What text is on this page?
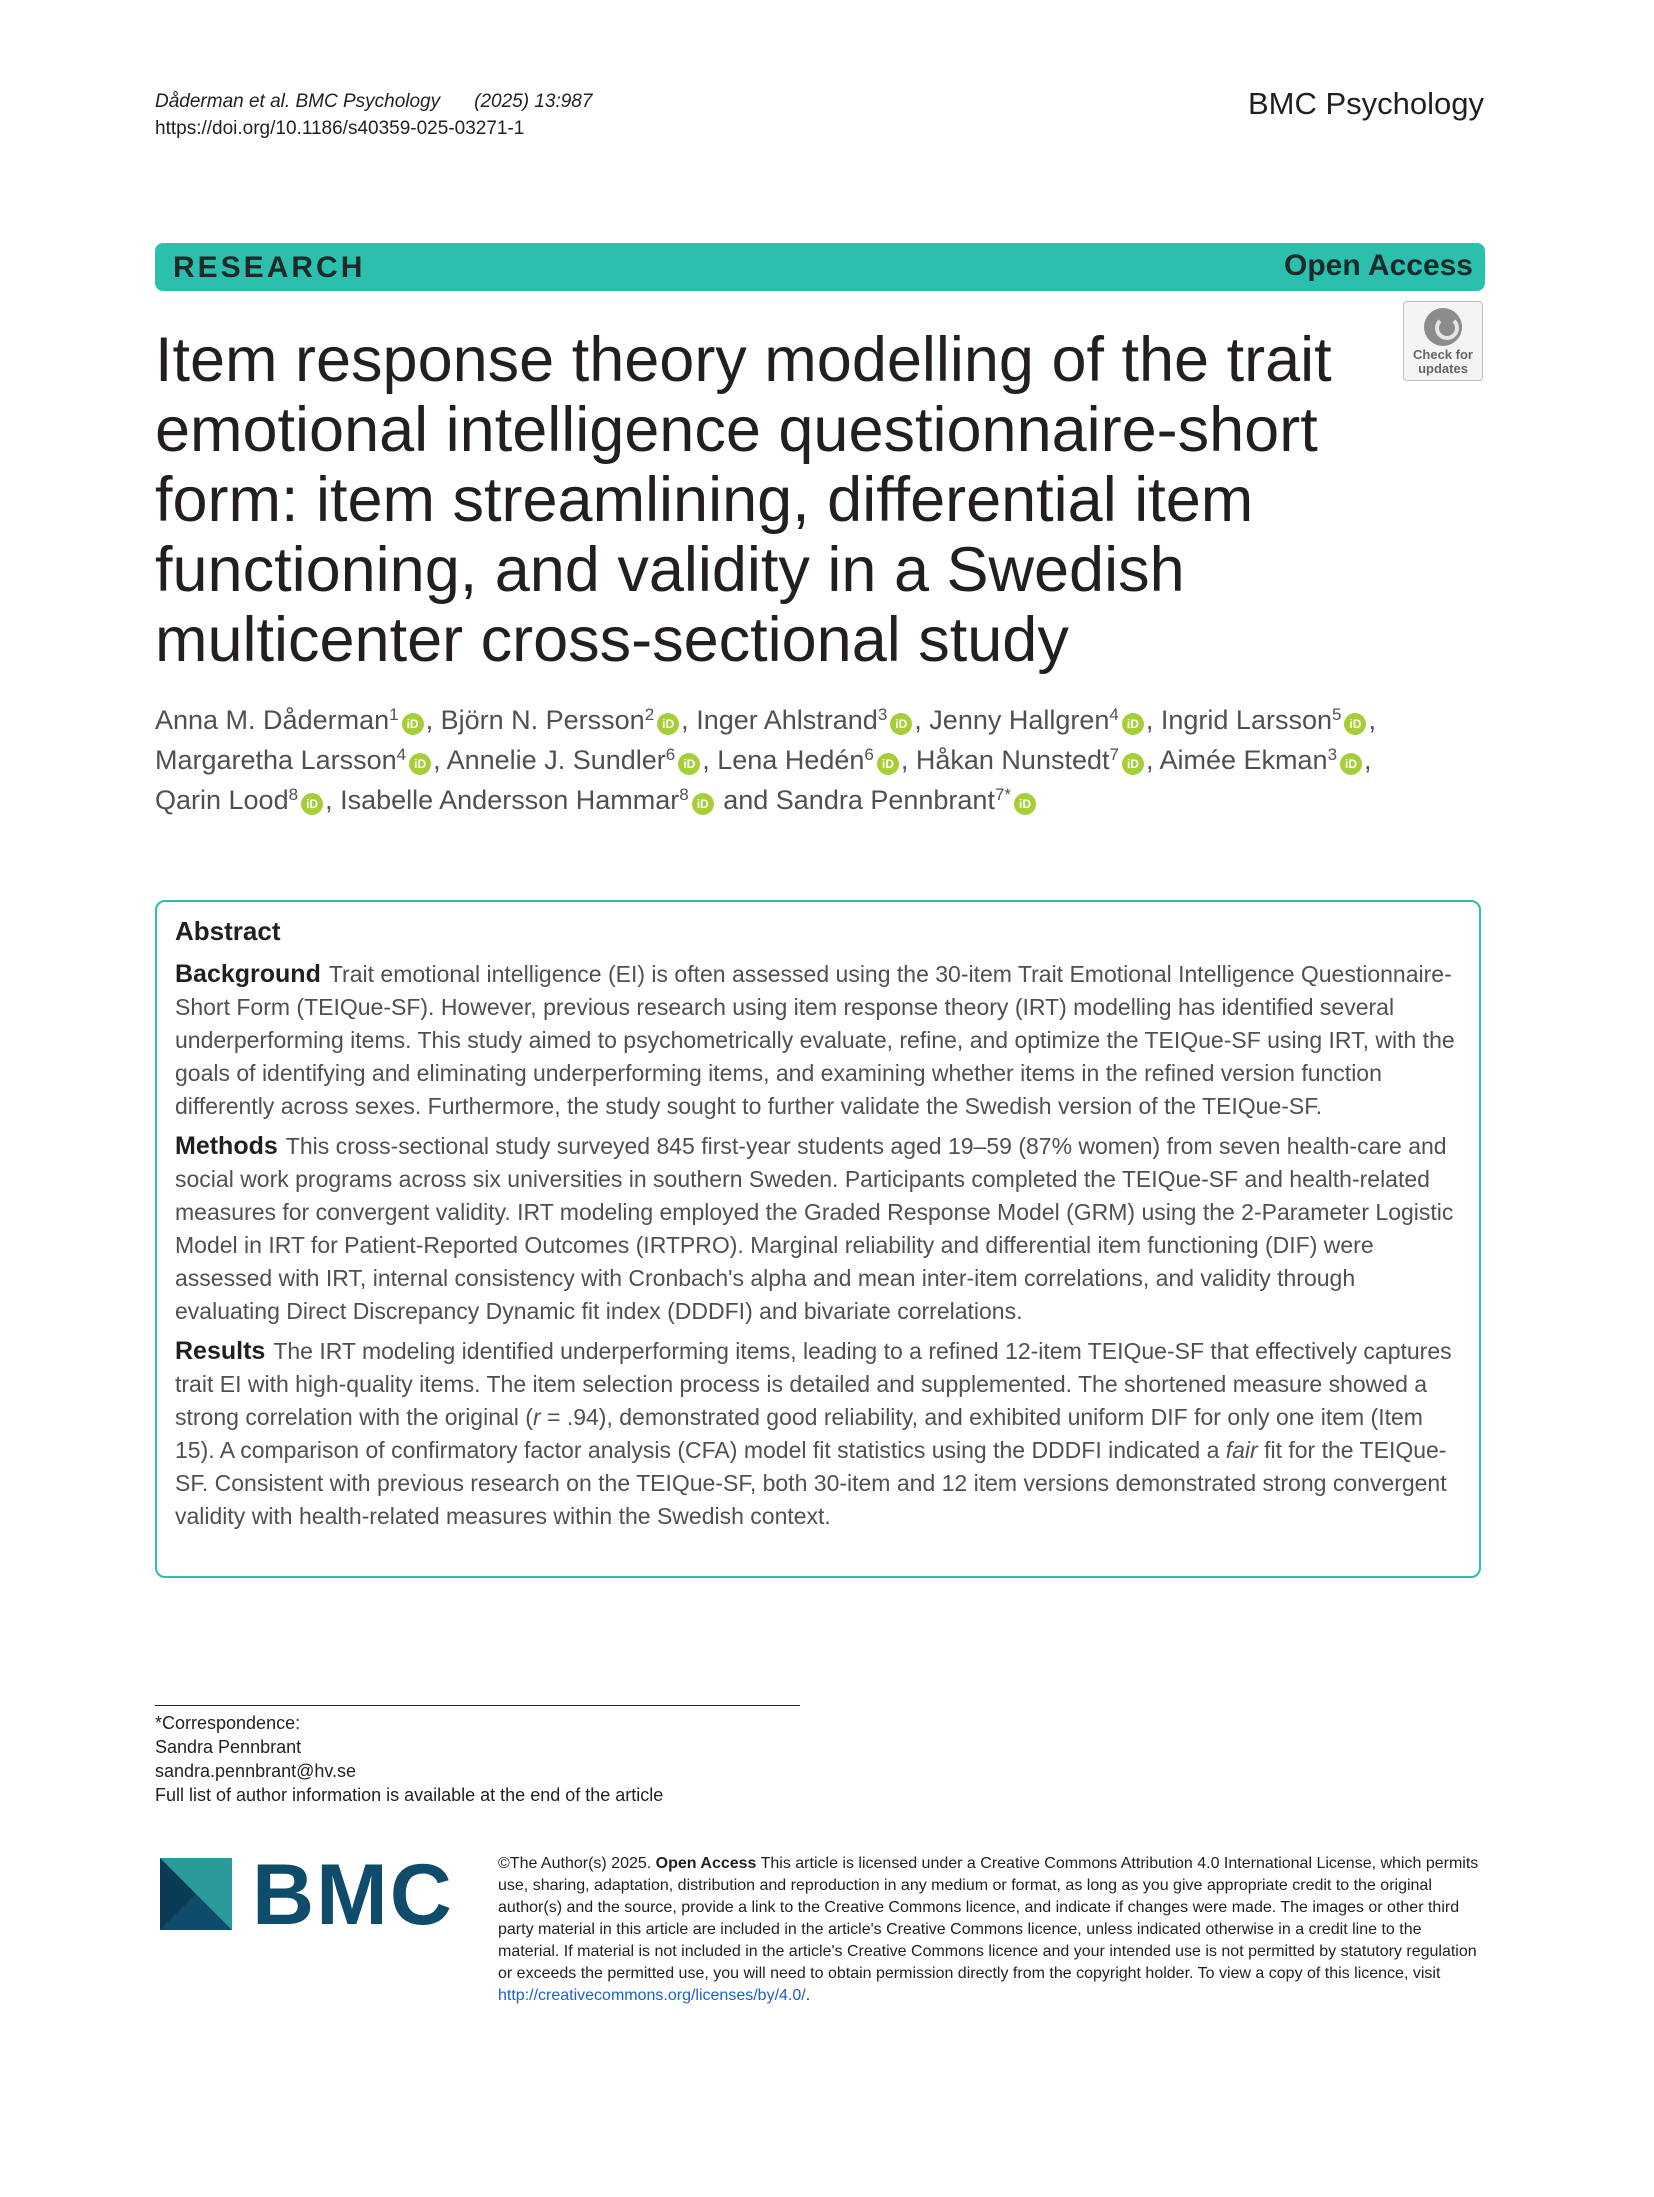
Dåderman et al. BMC Psychology (2025) 13:987
https://doi.org/10.1186/s40359-025-03271-1
BMC Psychology
RESEARCH	Open Access
Check for
updates
Item response theory modelling of the trait emotional intelligence questionnaire-short form: item streamlining, differential item functioning, and validity in a Swedish multicenter cross-sectional study
Anna M. Dåderman$^1$ iD , Björn N. Persson$^2$ iD , Inger Ahlstrand$^3$ iD , Jenny Hallgren$^4$ iD , Ingrid Larsson$^5$ iD ,
Margaretha Larsson$^4$ iD , Annelie J. Sundler$^6$ iD , Lena Hedén$^6$ iD , Håkan Nunstedt$^7$ iD , Aimée Ekman$^3$ iD ,
Qarin Lood$^8$ iD , Isabelle Andersson Hammar$^8$ iD and Sandra Pennbrant$^{7*}$ iD
Abstract

Background Trait emotional intelligence (EI) is often assessed using the 30-item Trait Emotional Intelligence Questionnaire-Short Form (TEIQue-SF). However, previous research using item response theory (IRT) modelling has identified several underperforming items. This study aimed to psychometrically evaluate, refine, and optimize the TEIQue-SF using IRT, with the goals of identifying and eliminating underperforming items, and examining whether items in the refined version function differently across sexes. Furthermore, the study sought to further validate the Swedish version of the TEIQue-SF.

Methods This cross-sectional study surveyed 845 first-year students aged 19–59 (87% women) from seven health-care and social work programs across six universities in southern Sweden. Participants completed the TEIQue-SF and health-related measures for convergent validity. IRT modeling employed the Graded Response Model (GRM) using the 2-Parameter Logistic Model in IRT for Patient-Reported Outcomes (IRTPRO). Marginal reliability and differential item functioning (DIF) were assessed with IRT, internal consistency with Cronbach's alpha and mean inter-item correlations, and validity through evaluating Direct Discrepancy Dynamic fit index (DDDFI) and bivariate correlations.

Results The IRT modeling identified underperforming items, leading to a refined 12-item TEIQue-SF that effectively captures trait EI with high-quality items. The item selection process is detailed and supplemented. The shortened measure showed a strong correlation with the original (r = .94), demonstrated good reliability, and exhibited uniform DIF for only one item (Item 15). A comparison of confirmatory factor analysis (CFA) model fit statistics using the DDDFI indicated a fair fit for the TEIQue-SF. Consistent with previous research on the TEIQue-SF, both 30-item and 12 item versions demonstrated strong convergent validity with health-related measures within the Swedish context.

*Correspondence:
Sandra Pennbrant
sandra.pennbrant@hv.se
Full list of author information is available at the end of the article
BMC	©The Author(s) 2025. Open Access This article is licensed under a Creative Commons Attribution 4.0 International License, which permits use, sharing, adaptation, distribution and reproduction in any medium or format, as long as you give appropriate credit to the original author(s) and the source, provide a link to the Creative Commons licence, and indicate if changes were made. The images or other third party material in this article are included in the article's Creative Commons licence, unless indicated otherwise in a credit line to the material. If material is not included in the article's Creative Commons licence and your intended use is not permitted by statutory regulation or exceeds the permitted use, you will need to obtain permission directly from the copyright holder. To view a copy of this licence, visit http://creativecommons.org/licenses/by/4.0/.
